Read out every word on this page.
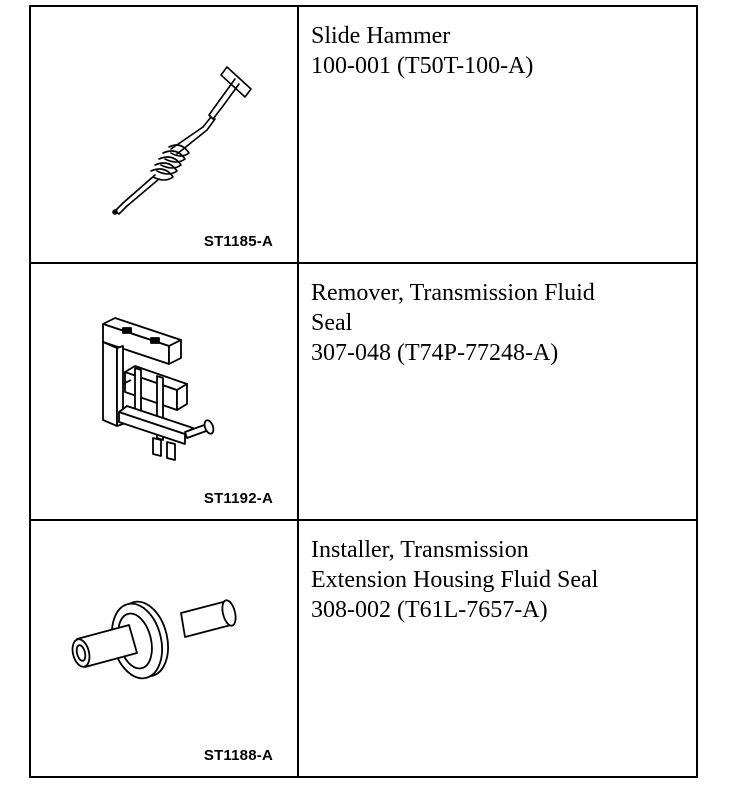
ST1185-A	Slide Hammer
100-001 (T50T-100-A)

ST1192-A	Remover, Transmission Fluid
Seal
307-048 (T74P-77248-A)

ST1188-A	Installer, Transmission
Extension Housing Fluid Seal
308-002 (T61L-7657-A)
